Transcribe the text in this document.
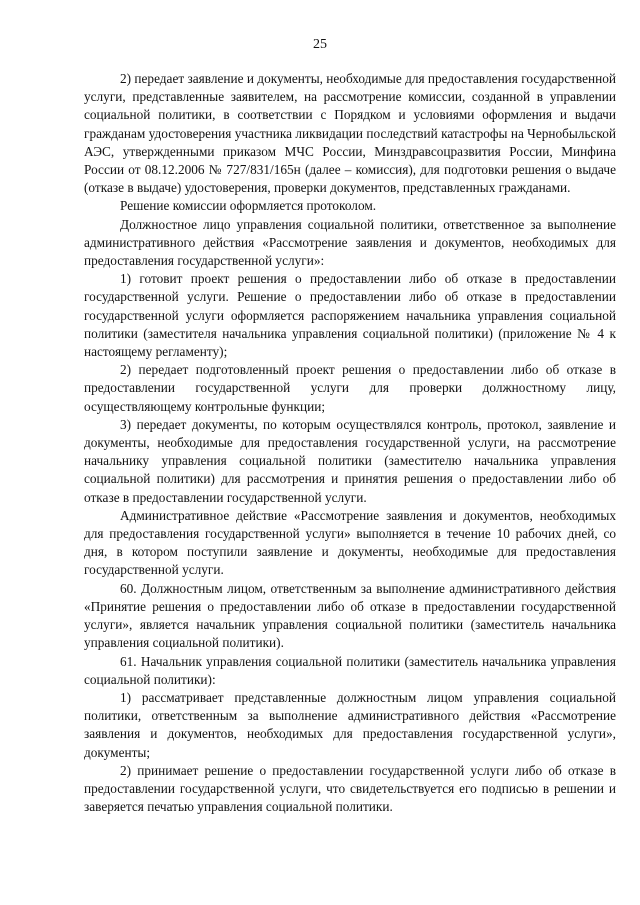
25

2) передает заявление и документы, необходимые для предоставления государственной услуги, представленные заявителем, на рассмотрение комиссии, созданной в управлении социальной политики, в соответствии с Порядком и условиями оформления и выдачи гражданам удостоверения участника ликвидации последствий катастрофы на Чернобыльской АЭС, утвержденными приказом МЧС России, Минздравсоцразвития России, Минфина России от 08.12.2006 № 727/831/165н (далее – комиссия), для подготовки решения о выдаче (отказе в выдаче) удостоверения, проверки документов, представленных гражданами.

Решение комиссии оформляется протоколом.

Должностное лицо управления социальной политики, ответственное за выполнение административного действия «Рассмотрение заявления и документов, необходимых для предоставления государственной услуги»:

1) готовит проект решения о предоставлении либо об отказе в предоставлении государственной услуги. Решение о предоставлении либо об отказе в предоставлении государственной услуги оформляется распоряжением начальника управления социальной политики (заместителя начальника управления социальной политики) (приложение № 4 к настоящему регламенту);

2) передает подготовленный проект решения о предоставлении либо об отказе в предоставлении государственной услуги для проверки должностному лицу, осуществляющему контрольные функции;

3) передает документы, по которым осуществлялся контроль, протокол, заявление и документы, необходимые для предоставления государственной услуги, на рассмотрение начальнику управления социальной политики (заместителю начальника управления социальной политики) для рассмотрения и принятия решения о предоставлении либо об отказе в предоставлении государственной услуги.

Административное действие «Рассмотрение заявления и документов, необходимых для предоставления государственной услуги» выполняется в течение 10 рабочих дней, со дня, в котором поступили заявление и документы, необходимые для предоставления государственной услуги.

60. Должностным лицом, ответственным за выполнение административного действия «Принятие решения о предоставлении либо об отказе в предоставлении государственной услуги», является начальник управления социальной политики (заместитель начальника управления социальной политики).

61. Начальник управления социальной политики (заместитель начальника управления социальной политики):

1) рассматривает представленные должностным лицом управления социальной политики, ответственным за выполнение административного действия «Рассмотрение заявления и документов, необходимых для предоставления государственной услуги», документы;

2) принимает решение о предоставлении государственной услуги либо об отказе в предоставлении государственной услуги, что свидетельствуется его подписью в решении и заверяется печатью управления социальной политики.
